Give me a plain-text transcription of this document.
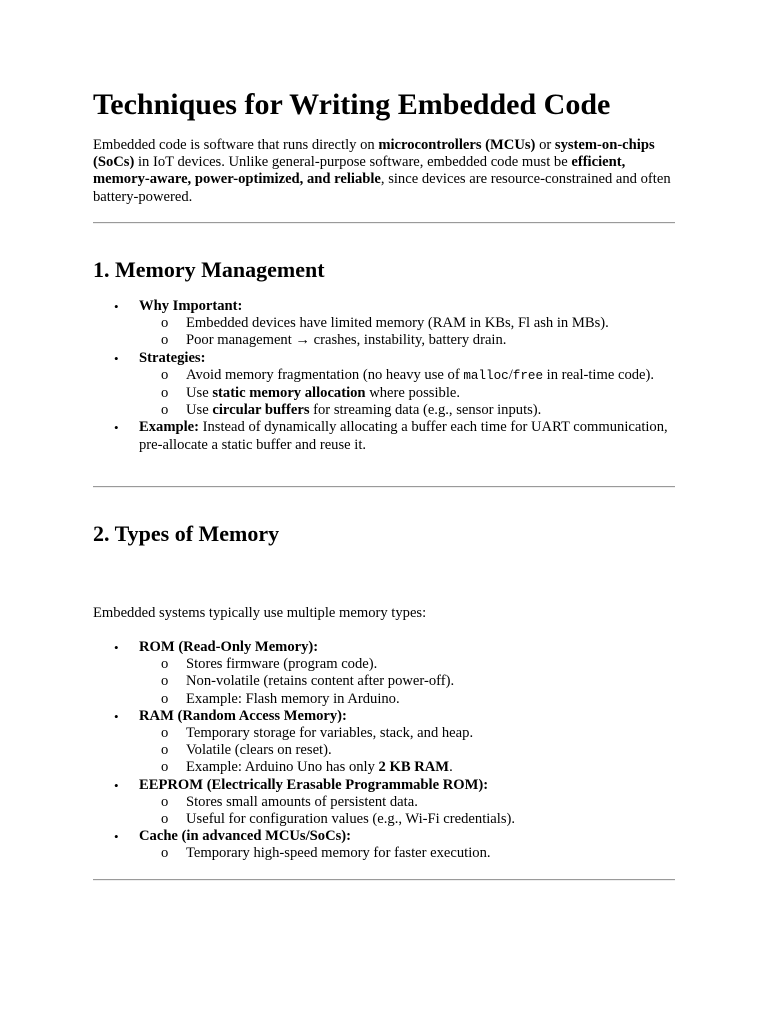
Techniques for Writing Embedded Code

Embedded code is software that runs directly on microcontrollers (MCUs) or system-on-chips (SoCs) in IoT devices. Unlike general-purpose software, embedded code must be efficient, memory-aware, power-optimized, and reliable, since devices are resource-constrained and often battery-powered.

1. Memory Management
• Why Important:
o Embedded devices have limited memory (RAM in KBs, Fl ash in MBs).
o Poor management → crashes, instability, battery drain.
• Strategies:
o Avoid memory fragmentation (no heavy use of malloc/free in real-time code).
o Use static memory allocation where possible.
o Use circular buffers for streaming data (e.g., sensor inputs).
• Example: Instead of dynamically allocating a buffer each time for UART communication, pre-allocate a static buffer and reuse it.
2. Types of Memory

Embedded systems typically use multiple memory types:

• ROM (Read-Only Memory):
o Stores firmware (program code).
o Non-volatile (retains content after power-off).
o Example: Flash memory in Arduino.
• RAM (Random Access Memory):
o Temporary storage for variables, stack, and heap.
o Volatile (clears on reset).
o Example: Arduino Uno has only 2 KB RAM.
• EEPROM (Electrically Erasable Programmable ROM):
o Stores small amounts of persistent data.
o Useful for configuration values (e.g., Wi-Fi credentials).
• Cache (in advanced MCUs/SoCs):
o Temporary high-speed memory for faster execution.
